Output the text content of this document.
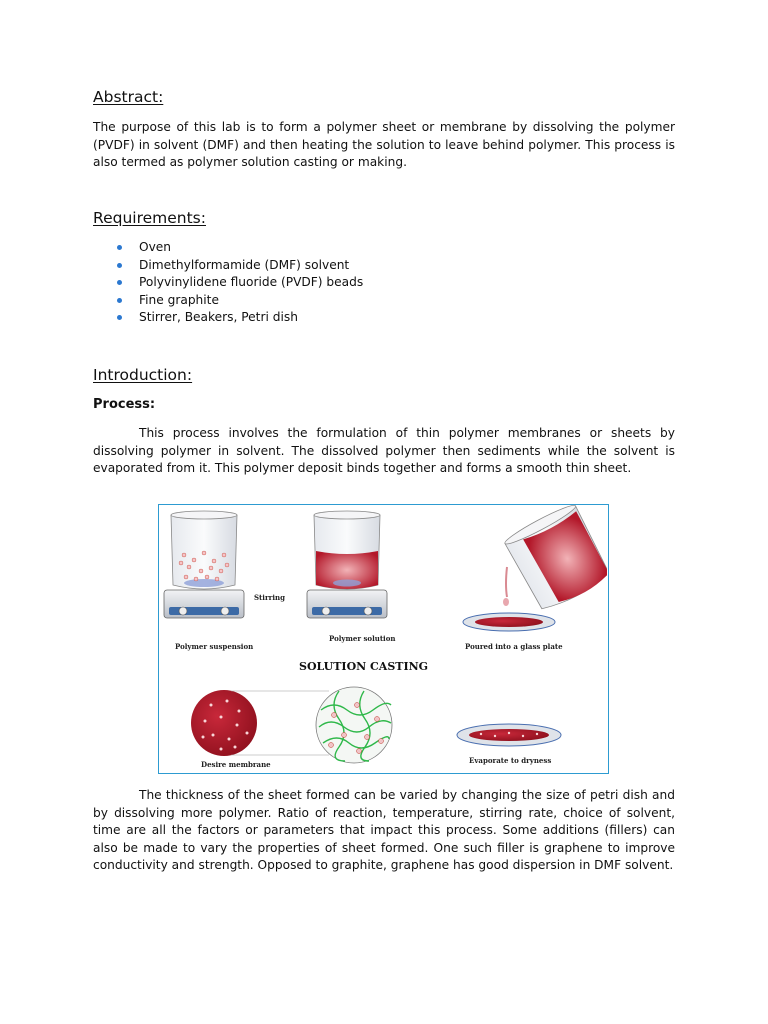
Abstract:
The purpose of this lab is to form a polymer sheet or membrane by dissolving the polymer (PVDF) in solvent (DMF) and then heating the solution to leave behind polymer. This process is also termed as polymer solution casting or making.
Requirements:
Oven
Dimethylformamide (DMF) solvent
Polyvinylidene fluoride (PVDF) beads
Fine graphite
Stirrer, Beakers, Petri dish
Introduction:
Process:
This process involves the formulation of thin polymer membranes or sheets by dissolving polymer in solvent. The dissolved polymer then sediments while the solvent is evaporated from it. This polymer deposit binds together and forms a smooth thin sheet.
Stirring
Polymer suspension
Polymer solution
Poured into a glass plate
SOLUTION CASTING
Desire membrane	Evaporate to dryness
The thickness of the sheet formed can be varied by changing the size of petri dish and by dissolving more polymer. Ratio of reaction, temperature, stirring rate, choice of solvent, time are all the factors or parameters that impact this process. Some additions (fillers) can also be made to vary the properties of sheet formed. One such filler is graphene to improve conductivity and strength. Opposed to graphite, graphene has good dispersion in DMF solvent.
